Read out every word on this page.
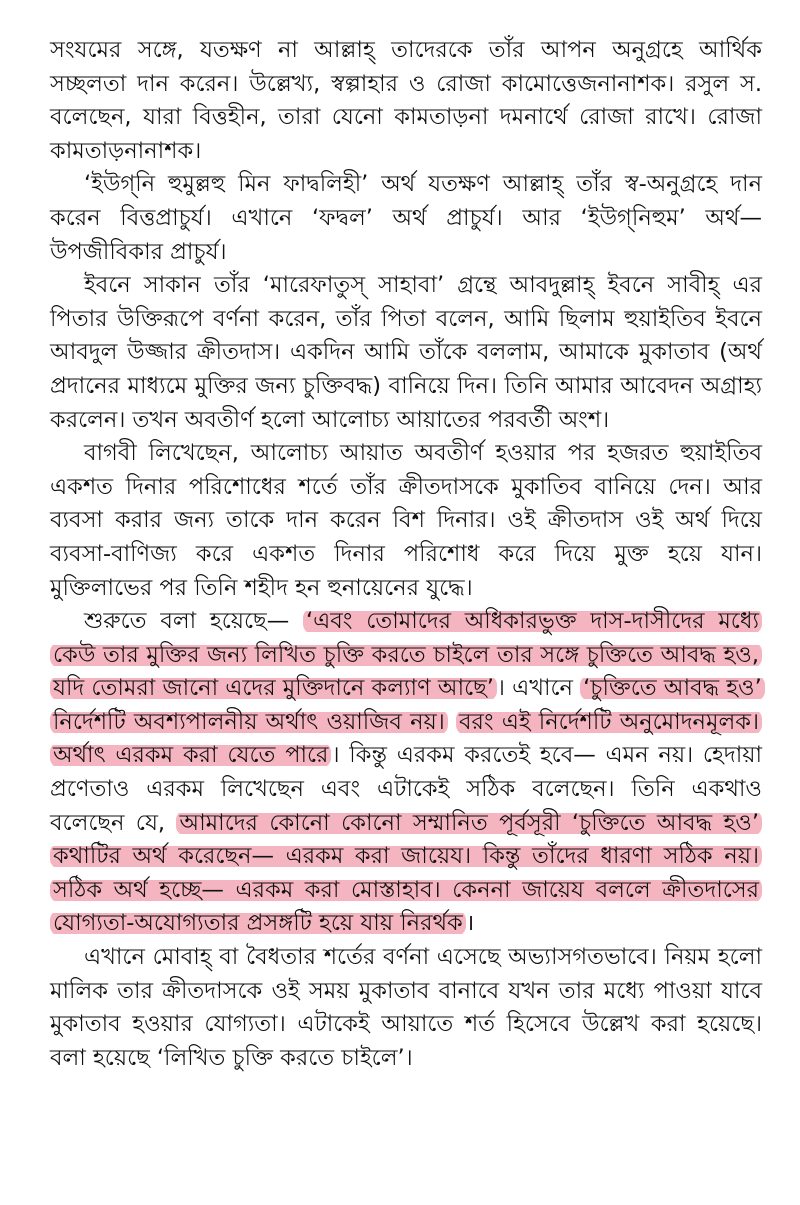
সংযমের সঙ্গে, যতক্ষণ না আল্লাহ্ তাদেরকে তাঁর আপন অনুগ্রহে আর্থিক সচ্ছলতা দান করেন। উল্লেখ্য, স্বল্পাহার ও রোজা কামোত্তেজনানাশক। রসুল স. বলেছেন, যারা বিত্তহীন, তারা যেনো কামতাড়না দমনার্থে রোজা রাখে। রোজা কামতাড়নানাশক।

‘ইউগ্‌নি হুমুল্লহু মিন ফাদ্বলিহী’ অর্থ যতক্ষণ আল্লাহ্ তাঁর স্ব-অনুগ্রহে দান করেন বিত্তপ্রাচুর্য। এখানে ‘ফদ্বল’ অর্থ প্রাচুর্য। আর ‘ইউগ্‌নিহুম’ অর্থ— উপজীবিকার প্রাচুর্য।

ইবনে সাকান তাঁর ‘মারেফাতুস্ সাহাবা’ গ্রন্থে আবদুল্লাহ্ ইবনে সাবীহ্ এর পিতার উক্তিরূপে বর্ণনা করেন, তাঁর পিতা বলেন, আমি ছিলাম হুয়াইতিব ইবনে আবদুল উজ্জার ক্রীতদাস। একদিন আমি তাঁকে বললাম, আমাকে মুকাতাব (অর্থ প্রদানের মাধ্যমে মুক্তির জন্য চুক্তিবদ্ধ) বানিয়ে দিন। তিনি আমার আবেদন অগ্রাহ্য করলেন। তখন অবতীর্ণ হলো আলোচ্য আয়াতের পরবর্তী অংশ।

বাগবী লিখেছেন, আলোচ্য আয়াত অবতীর্ণ হওয়ার পর হজরত হুয়াইতিব একশত দিনার পরিশোধের শর্তে তাঁর ক্রীতদাসকে মুকাতিব বানিয়ে দেন। আর ব্যবসা করার জন্য তাকে দান করেন বিশ দিনার। ওই ক্রীতদাস ওই অর্থ দিয়ে ব্যবসা-বাণিজ্য করে একশত দিনার পরিশোধ করে দিয়ে মুক্ত হয়ে যান। মুক্তিলাভের পর তিনি শহীদ হন হুনায়েনের যুদ্ধে।

শুরুতে বলা হয়েছে— ‘এবং তোমাদের অধিকারভুক্ত দাস-দাসীদের মধ্যে কেউ তার মুক্তির জন্য লিখিত চুক্তি করতে চাইলে তার সঙ্গে চুক্তিতে আবদ্ধ হও, যদি তোমরা জানো এদের মুক্তিদানে কল্যাণ আছে’ । এখানে ‘চুক্তিতে আবদ্ধ হও’ নির্দেশটি অবশ্যপালনীয় অর্থাৎ ওয়াজিব নয়। বরং এই নির্দেশটি অনুমোদনমূলক। অর্থাৎ এরকম করা যেতে পারে । কিন্তু এরকম করতেই হবে— এমন নয়। হেদায়া প্রণেতাও এরকম লিখেছেন এবং এটাকেই সঠিক বলেছেন। তিনি একথাও বলেছেন যে, আমাদের কোনো কোনো সম্মানিত পূর্বসূরী ‘চুক্তিতে আবদ্ধ হও’ কথাটির অর্থ করেছেন— এরকম করা জায়েয। কিন্তু তাঁদের ধারণা সঠিক নয়। সঠিক অর্থ হচ্ছে— এরকম করা মোস্তাহাব। কেননা জায়েয বললে ক্রীতদাসের যোগ্যতা-অযোগ্যতার প্রসঙ্গটি হয়ে যায় নিরর্থক ।

এখানে মোবাহ্ বা বৈধতার শর্তের বর্ণনা এসেছে অভ্যাসগতভাবে। নিয়ম হলো মালিক তার ক্রীতদাসকে ওই সময় মুকাতাব বানাবে যখন তার মধ্যে পাওয়া যাবে মুকাতাব হওয়ার যোগ্যতা। এটাকেই আয়াতে শর্ত হিসেবে উল্লেখ করা হয়েছে। বলা হয়েছে ‘লিখিত চুক্তি করতে চাইলে’।
